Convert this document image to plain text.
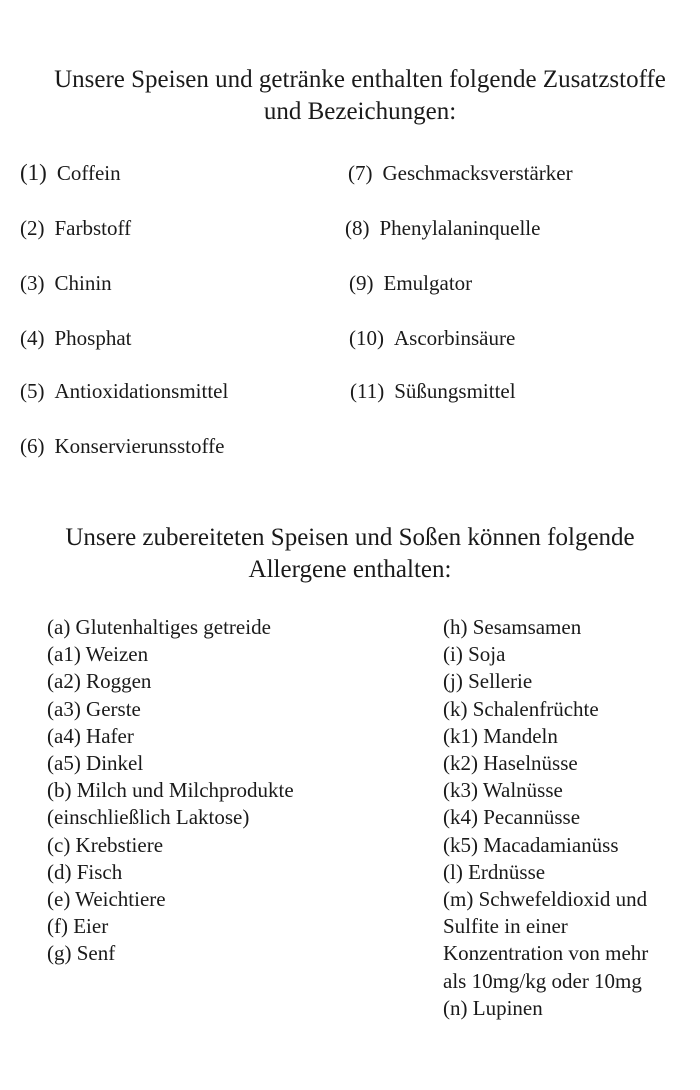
Unsere Speisen und getränke enthalten folgende Zusatzstoffe
und Bezeichungen:
(1) Coffein
(2) Farbstoff
(3) Chinin
(4) Phosphat
(5) Antioxidationsmittel
(6) Konservierunsstoffe
(7) Geschmacksverstärker
(8) Phenylalaninquelle
(9) Emulgator
(10) Ascorbinsäure
(11) Süßungsmittel
Unsere zubereiteten Speisen und Soßen können folgende
Allergene enthalten:
(a) Glutenhaltiges getreide
(a1) Weizen
(a2) Roggen
(a3) Gerste
(a4) Hafer
(a5) Dinkel
(b) Milch und Milchprodukte
(einschließlich Laktose)
(c) Krebstiere
(d) Fisch
(e) Weichtiere
(f) Eier
(g) Senf
(h) Sesamsamen
(i) Soja
(j) Sellerie
(k) Schalenfrüchte
(k1) Mandeln
(k2) Haselnüsse
(k3) Walnüsse
(k4) Pecannüsse
(k5) Macadamianüss
(l) Erdnüsse
(m) Schwefeldioxid und
Sulfite in einer
Konzentration von mehr
als 10mg/kg oder 10mg
(n) Lupinen
